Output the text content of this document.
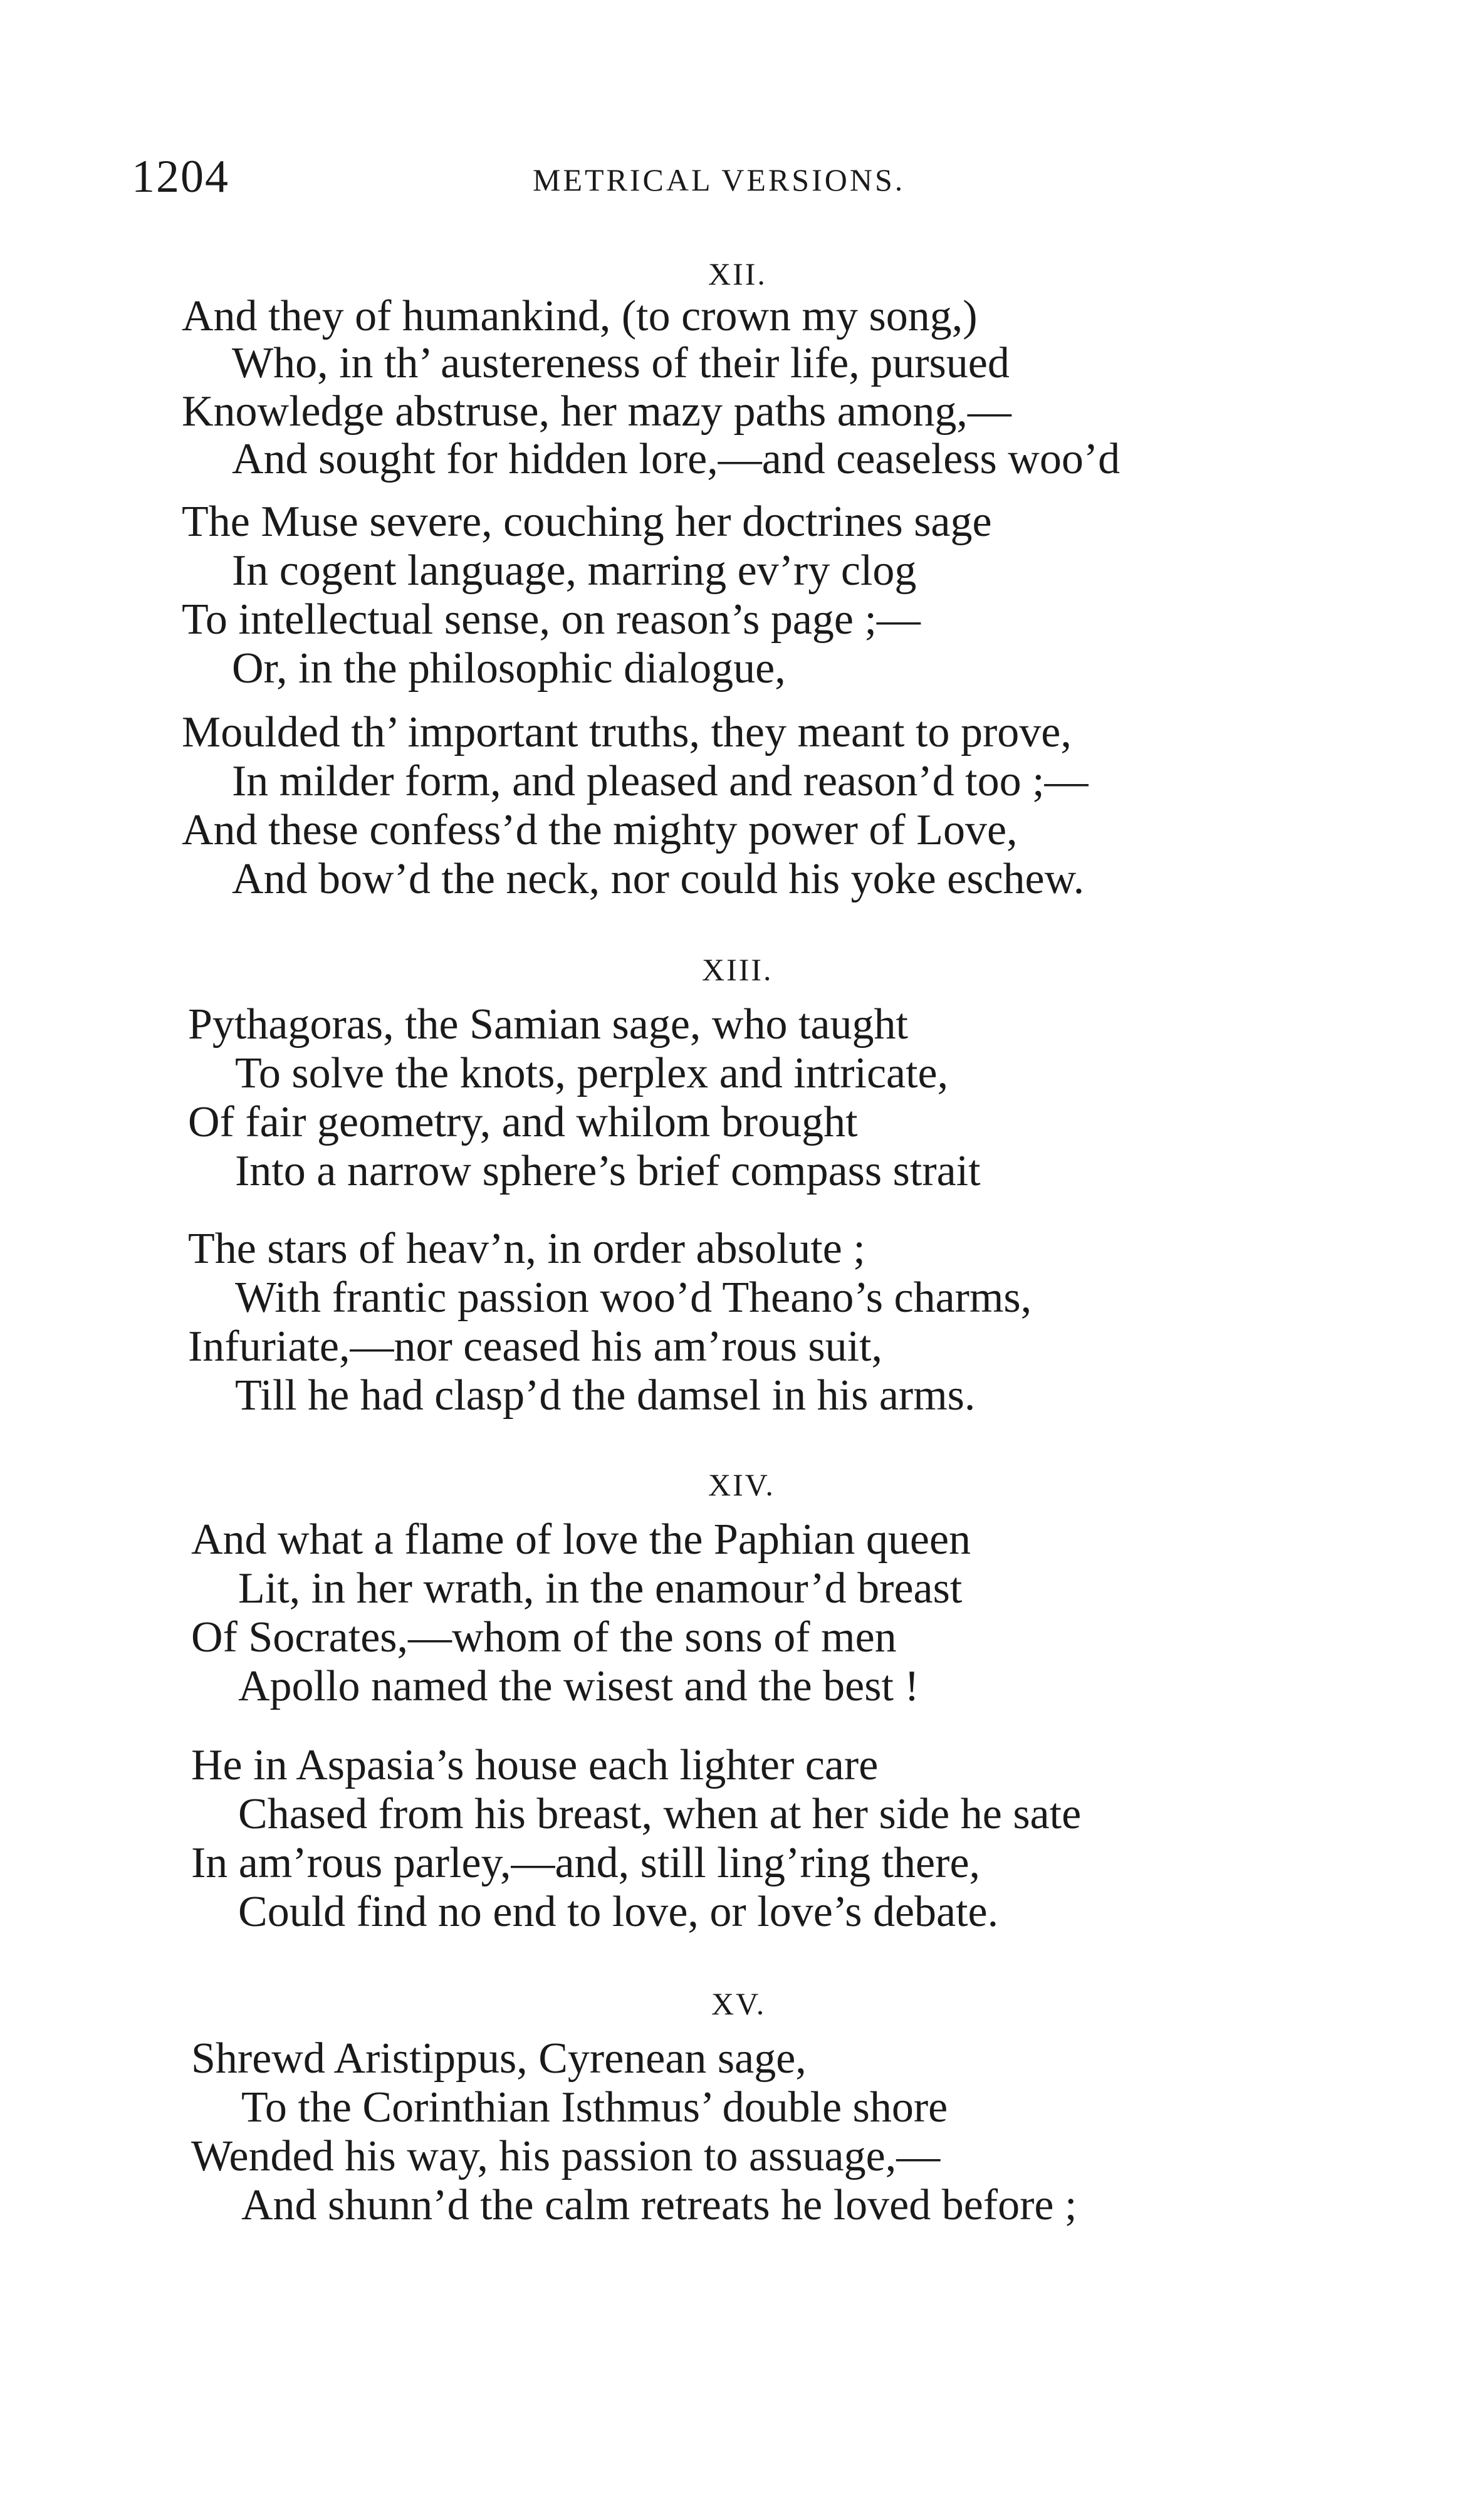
1204	METRICAL VERSIONS.
XII.
And they of humankind, (to crown my song,)
Who, in th’ austereness of their life, pursued
Knowledge abstruse, her mazy paths among,—
And sought for hidden lore,—and ceaseless woo’d
The Muse severe, couching her doctrines sage
In cogent language, marring ev’ry clog
To intellectual sense, on reason’s page ;—
Or, in the philosophic dialogue,
Moulded th’ important truths, they meant to prove,
In milder form, and pleased and reason’d too ;—
And these confess’d the mighty power of Love,
And bow’d the neck, nor could his yoke eschew.
XIII.
Pythagoras, the Samian sage, who taught
To solve the knots, perplex and intricate,
Of fair geometry, and whilom brought
Into a narrow sphere’s brief compass strait
The stars of heav’n, in order absolute ;
With frantic passion woo’d Theano’s charms,
Infuriate,—nor ceased his am’rous suit,
Till he had clasp’d the damsel in his arms.
XIV.
And what a flame of love the Paphian queen
Lit, in her wrath, in the enamour’d breast
Of Socrates,—whom of the sons of men
Apollo named the wisest and the best !
He in Aspasia’s house each lighter care
Chased from his breast, when at her side he sate
In am’rous parley,—and, still ling’ring there,
Could find no end to love, or love’s debate.
XV.
Shrewd Aristippus, Cyrenean sage,
To the Corinthian Isthmus’ double shore
Wended his way, his passion to assuage,—
And shunn’d the calm retreats he loved before ;
